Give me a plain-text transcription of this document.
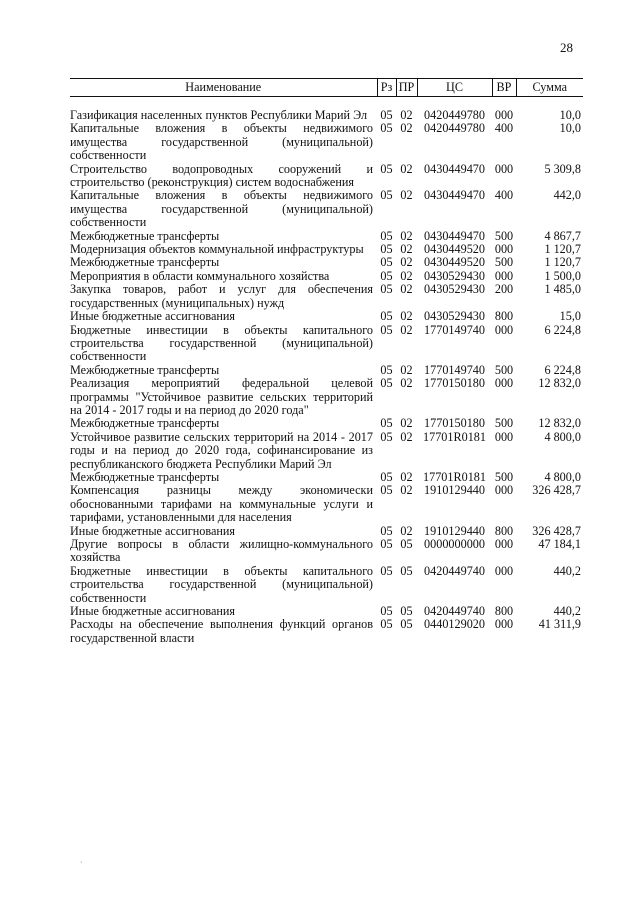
28
Наименование	Рз	ПР	ЦС	ВР	Сумма

Газификация населенных пунктов Республики Марий Эл	05	02	0420449780	000	10,0
Капитальные вложения в объекты недвижимого имущества государственной (муниципальной) собственности	05	02	0420449780	400	10,0
Строительство водопроводных сооружений и строительство (реконструкция) систем водоснабжения	05	02	0430449470	000	5 309,8
Капитальные вложения в объекты недвижимого имущества государственной (муниципальной) собственности	05	02	0430449470	400	442,0
Межбюджетные трансферты	05	02	0430449470	500	4 867,7
Модернизация объектов коммунальной инфраструктуры	05	02	0430449520	000	1 120,7
Межбюджетные трансферты	05	02	0430449520	500	1 120,7
Мероприятия в области коммунального хозяйства	05	02	0430529430	000	1 500,0
Закупка товаров, работ и услуг для обеспечения государственных (муниципальных) нужд	05	02	0430529430	200	1 485,0
Иные бюджетные ассигнования	05	02	0430529430	800	15,0
Бюджетные инвестиции в объекты капитального строительства государственной (муниципальной) собственности	05	02	1770149740	000	6 224,8
Межбюджетные трансферты	05	02	1770149740	500	6 224,8
Реализация мероприятий федеральной целевой программы "Устойчивое развитие сельских территорий на 2014 - 2017 годы и на период до 2020 года"	05	02	1770150180	000	12 832,0
Межбюджетные трансферты	05	02	1770150180	500	12 832,0
Устойчивое развитие сельских территорий на 2014 - 2017 годы и на период до 2020 года, софинансирование из республиканского бюджета Республики Марий Эл	05	02	17701R0181	000	4 800,0
Межбюджетные трансферты	05	02	17701R0181	500	4 800,0
Компенсация разницы между экономически обоснованными тарифами на коммунальные услуги и тарифами, установленными для населения	05	02	1910129440	000	326 428,7
Иные бюджетные ассигнования	05	02	1910129440	800	326 428,7
Другие вопросы в области жилищно-коммунального хозяйства	05	05	0000000000	000	47 184,1
Бюджетные инвестиции в объекты капитального строительства государственной (муниципальной) собственности	05	05	0420449740	000	440,2
Иные бюджетные ассигнования	05	05	0420449740	800	440,2
Расходы на обеспечение выполнения функций органов государственной власти	05	05	0440129020	000	41 311,9
·
